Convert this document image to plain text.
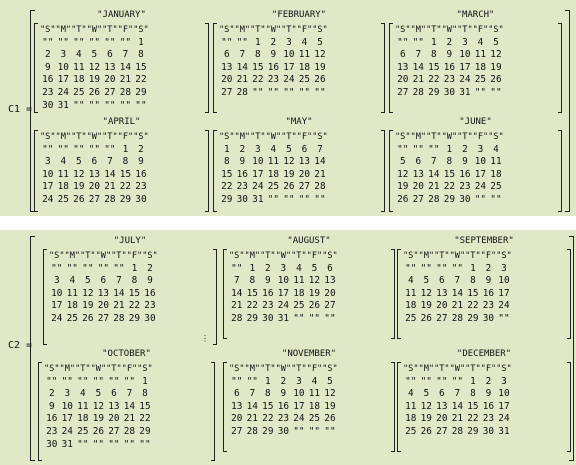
C1 =
"JANUARY"
"S"	"M"	"T"	"W"	"T"	"F"	"S"
""	""	""	""	""	""	1
2	3	4	5	6	7	8
9	10	11	12	13	14	15
16	17	18	19	20	21	22
23	24	25	26	27	28	29
30	31	""	""	""	""	""
"FEBRUARY"
"S"	"M"	"T"	"W"	"T"	"F"	"S"
""	""	1	2	3	4	5
6	7	8	9	10	11	12
13	14	15	16	17	18	19
20	21	22	23	24	25	26
27	28	""	""	""	""	""
"MARCH"
"S"	"M"	"T"	"W"	"T"	"F"	"S"
""	""	1	2	3	4	5
6	7	8	9	10	11	12
13	14	15	16	17	18	19
20	21	22	23	24	25	26
27	28	29	30	31	""	""
"APRIL"
"S"	"M"	"T"	"W"	"T"	"F"	"S"
""	""	""	""	""	1	2
3	4	5	6	7	8	9
10	11	12	13	14	15	16
17	18	19	20	21	22	23
24	25	26	27	28	29	30
"MAY"
"S"	"M"	"T"	"W"	"T"	"F"	"S"
1	2	3	4	5	6	7
8	9	10	11	12	13	14
15	16	17	18	19	20	21
22	23	24	25	26	27	28
29	30	31	""	""	""	""
"JUNE"
"S"	"M"	"T"	"W"	"T"	"F"	"S"
""	""	""	1	2	3	4
5	6	7	8	9	10	11
12	13	14	15	16	17	18
19	20	21	22	23	24	25
26	27	28	29	30	""	""
C2 =
"JULY"
"S"	"M"	"T"	"W"	"T"	"F"	"S"
""	""	""	""	""	1	2
3	4	5	6	7	8	9
10	11	12	13	14	15	16
17	18	19	20	21	22	23
24	25	26	27	28	29	30
⋮
"AUGUST"
"S"	"M"	"T"	"W"	"T"	"F"	"S"
""	1	2	3	4	5	6
7	8	9	10	11	12	13
14	15	16	17	18	19	20
21	22	23	24	25	26	27
28	29	30	31	""	""	""
"SEPTEMBER"
"S"	"M"	"T"	"W"	"T"	"F"	"S"
""	""	""	""	1	2	3
4	5	6	7	8	9	10
11	12	13	14	15	16	17
18	19	20	21	22	23	24
25	26	27	28	29	30	""
"OCTOBER"
"S"	"M"	"T"	"W"	"T"	"F"	"S"
""	""	""	""	""	""	1
2	3	4	5	6	7	8
9	10	11	12	13	14	15
16	17	18	19	20	21	22
23	24	25	26	27	28	29
30	31	""	""	""	""	""
"NOVEMBER"
"S"	"M"	"T"	"W"	"T"	"F"	"S"
""	""	1	2	3	4	5
6	7	8	9	10	11	12
13	14	15	16	17	18	19
20	21	22	23	24	25	26
27	28	29	30	""	""	""
"DECEMBER"
"S"	"M"	"T"	"W"	"T"	"F"	"S"
""	""	""	""	1	2	3
4	5	6	7	8	9	10
11	12	13	14	15	16	17
18	19	20	21	22	23	24
25	26	27	28	29	30	31
